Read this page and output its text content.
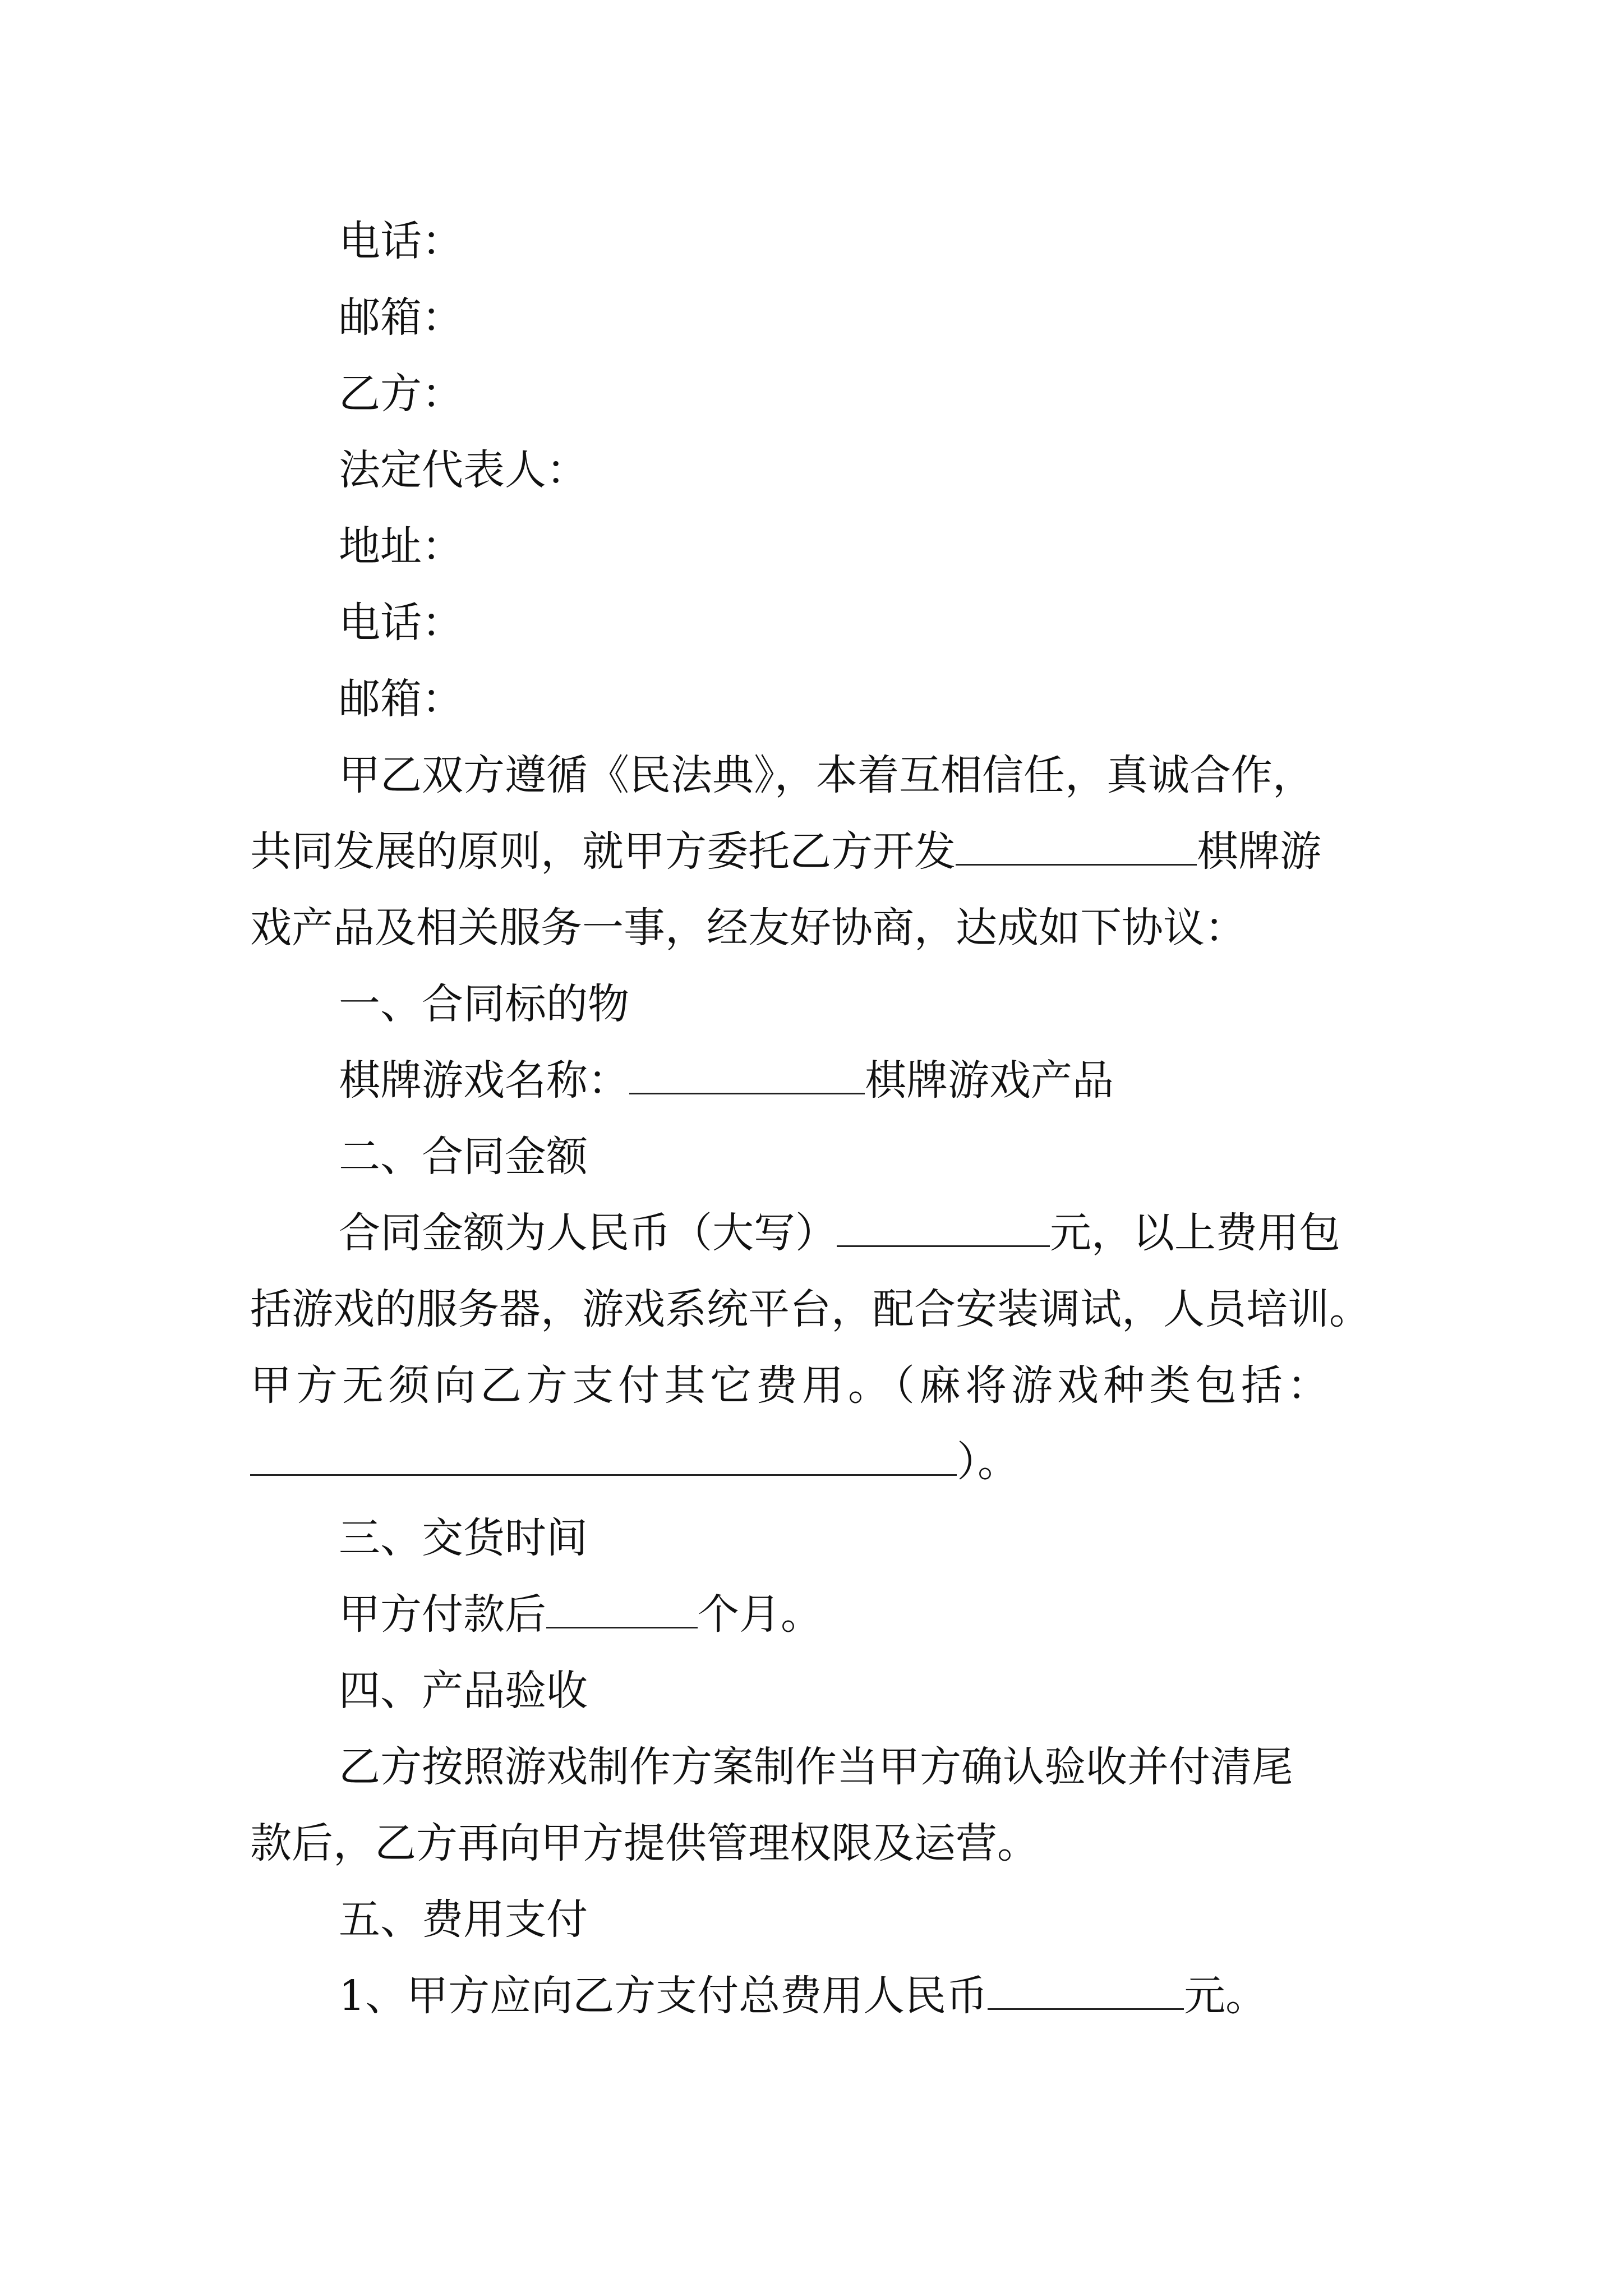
电话：
邮箱：
乙方：
法定代表人：
地址：
电话：
邮箱：
甲乙双方遵循《民法典》，本着互相信任，真诚合作，
共同发展的原则，就甲方委托乙方开发	棋牌游
戏产品及相关服务一事，经友好协商，达成如下协议：
一、合同标的物
棋牌游戏名称：	棋牌游戏产品
二、合同金额
合同金额为人民币（大写）	元，以上费用包
括游戏的服务器，游戏系统平台，配合安装调试，人员培训。
甲方无须向乙方支付其它费用。（麻将游戏种类包括：
）。
三、交货时间
甲方付款后	个月。
四、产品验收
乙方按照游戏制作方案制作当甲方确认验收并付清尾
款后，乙方再向甲方提供管理权限及运营。
五、费用支付
1、甲方应向乙方支付总费用人民币	元。
